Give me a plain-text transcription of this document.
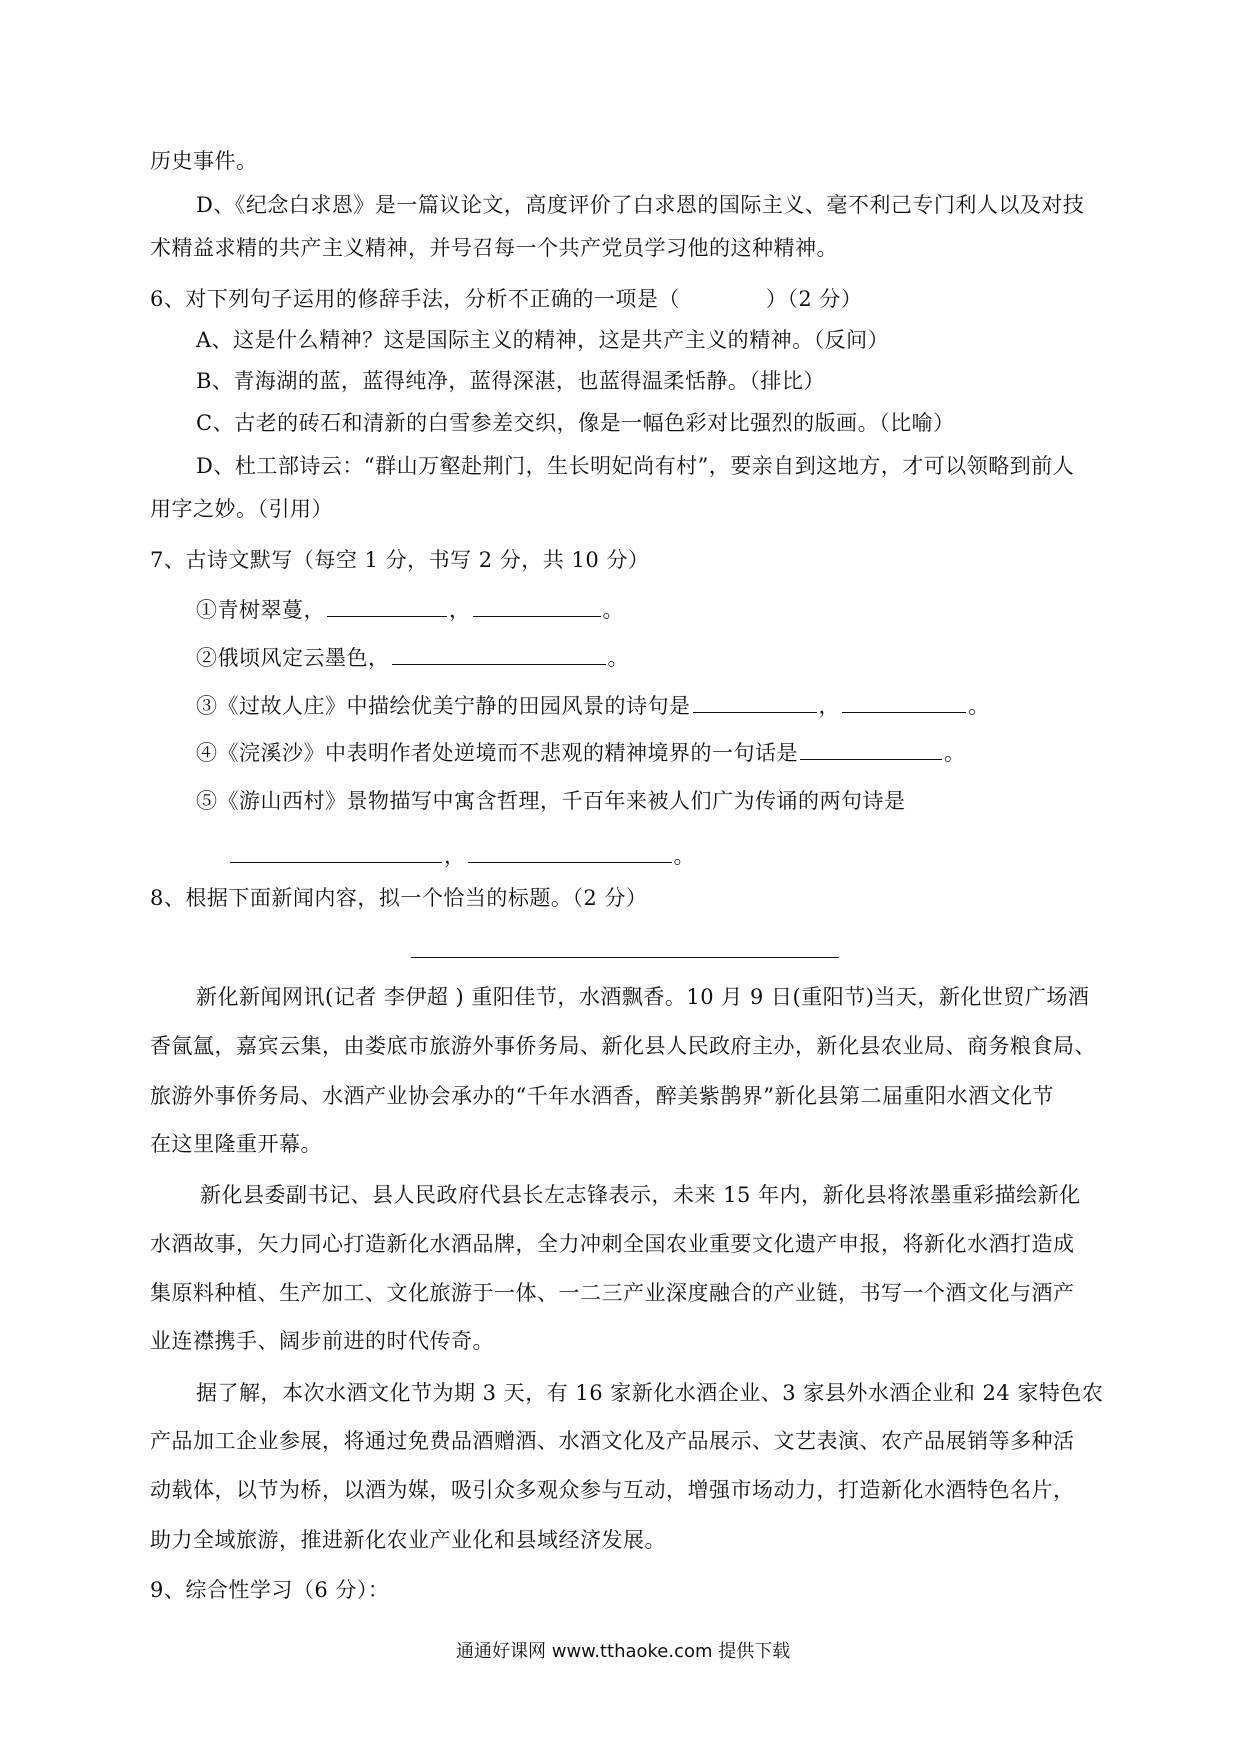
历史事件。
D、《纪念白求恩》是一篇议论文，高度评价了白求恩的国际主义、毫不利己专门利人以及对技
术精益求精的共产主义精神，并号召每一个共产党员学习他的这种精神。
6、对下列句子运用的修辞手法，分析不正确的一项是（　　　　）（2 分）
A、这是什么精神？这是国际主义的精神，这是共产主义的精神。（反问）
B、青海湖的蓝，蓝得纯净，蓝得深湛，也蓝得温柔恬静。（排比）
C、古老的砖石和清新的白雪参差交织，像是一幅色彩对比强烈的版画。（比喻）
D、杜工部诗云：“群山万壑赴荆门，生长明妃尚有村”，要亲自到这地方，才可以领略到前人
用字之妙。（引用）
7、古诗文默写（每空 1 分，书写 2 分，共 10 分）
①青树翠蔓，	，	。
②俄顷风定云墨色，	。
③《过故人庄》中描绘优美宁静的田园风景的诗句是	，	。
④《浣溪沙》中表明作者处逆境而不悲观的精神境界的一句话是	。
⑤《游山西村》景物描写中寓含哲理，千百年来被人们广为传诵的两句诗是
，	。
8、根据下面新闻内容，拟一个恰当的标题。（2 分）
新化新闻网讯(记者 李伊超 ) 重阳佳节，水酒飘香。10 月 9 日(重阳节)当天，新化世贸广场酒
香氤氲，嘉宾云集，由娄底市旅游外事侨务局、新化县人民政府主办，新化县农业局、商务粮食局、
旅游外事侨务局、水酒产业协会承办的“千年水酒香，醉美紫鹊界”新化县第二届重阳水酒文化节
在这里隆重开幕。
新化县委副书记、县人民政府代县长左志锋表示，未来 15 年内，新化县将浓墨重彩描绘新化
水酒故事，矢力同心打造新化水酒品牌，全力冲刺全国农业重要文化遗产申报，将新化水酒打造成
集原料种植、生产加工、文化旅游于一体、一二三产业深度融合的产业链，书写一个酒文化与酒产
业连襟携手、阔步前进的时代传奇。
据了解，本次水酒文化节为期 3 天，有 16 家新化水酒企业、3 家县外水酒企业和 24 家特色农
产品加工企业参展，将通过免费品酒赠酒、水酒文化及产品展示、文艺表演、农产品展销等多种活
动载体，以节为桥，以酒为媒，吸引众多观众参与互动，增强市场动力，打造新化水酒特色名片，
助力全域旅游，推进新化农业产业化和县域经济发展。
9、综合性学习（6 分）：
通通好课网 www.tthaoke.com 提供下载
